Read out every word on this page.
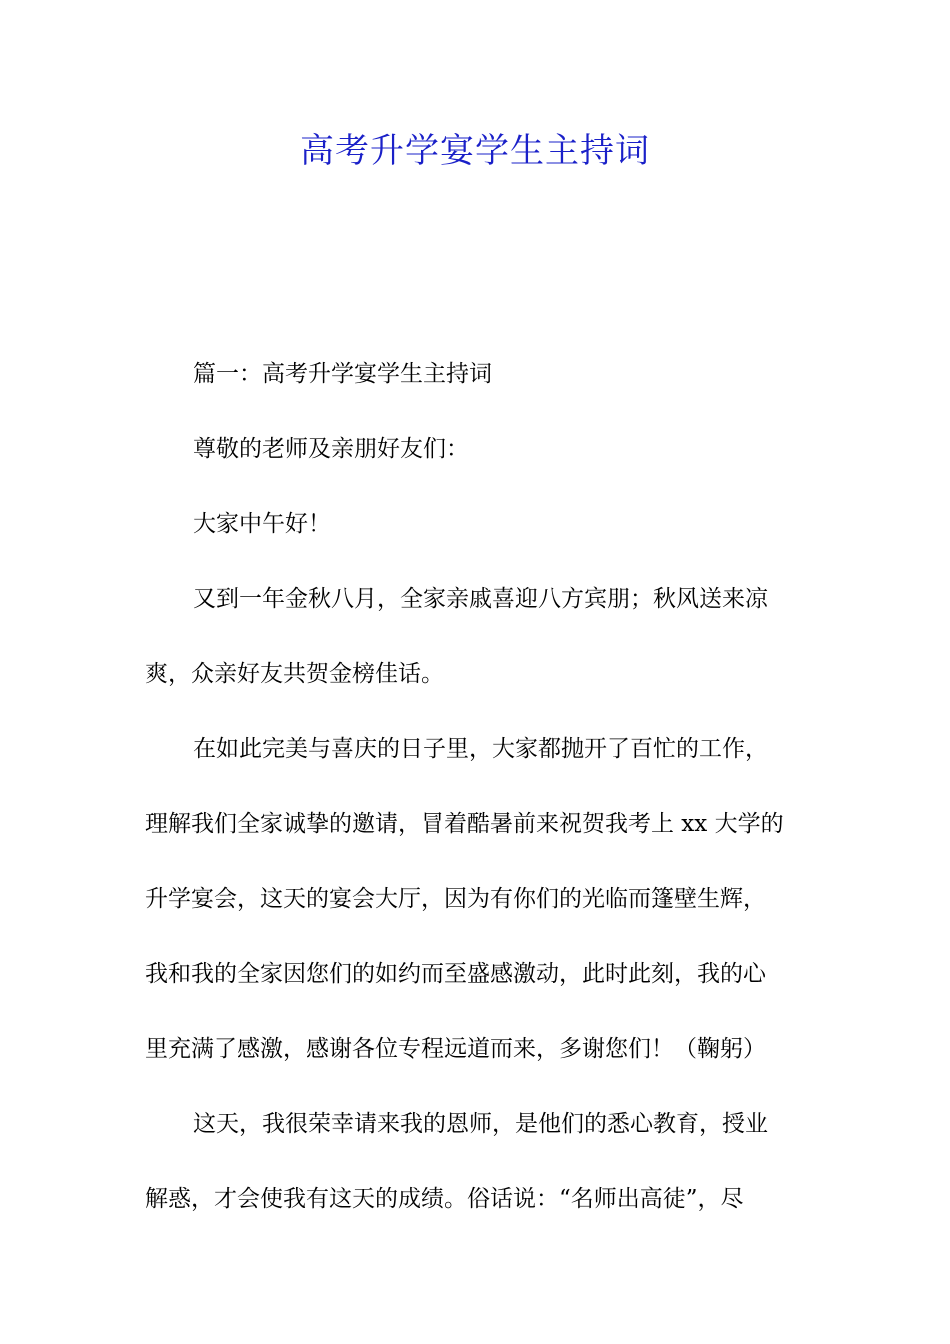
高考升学宴学生主持词
篇一：高考升学宴学生主持词
尊敬的老师及亲朋好友们：
大家中午好！
又到一年金秋八月，全家亲戚喜迎八方宾朋；秋风送来凉
爽，众亲好友共贺金榜佳话。
在如此完美与喜庆的日子里，大家都抛开了百忙的工作，
理解我们全家诚挚的邀请，冒着酷暑前来祝贺我考上 xx 大学的
升学宴会，这天的宴会大厅，因为有你们的光临而篷壁生辉，
我和我的全家因您们的如约而至盛感激动，此时此刻，我的心
里充满了感激，感谢各位专程远道而来，多谢您们！（鞠躬）
这天，我很荣幸请来我的恩师，是他们的悉心教育，授业
解惑，才会使我有这天的成绩。俗话说：“名师出高徒”，尽
